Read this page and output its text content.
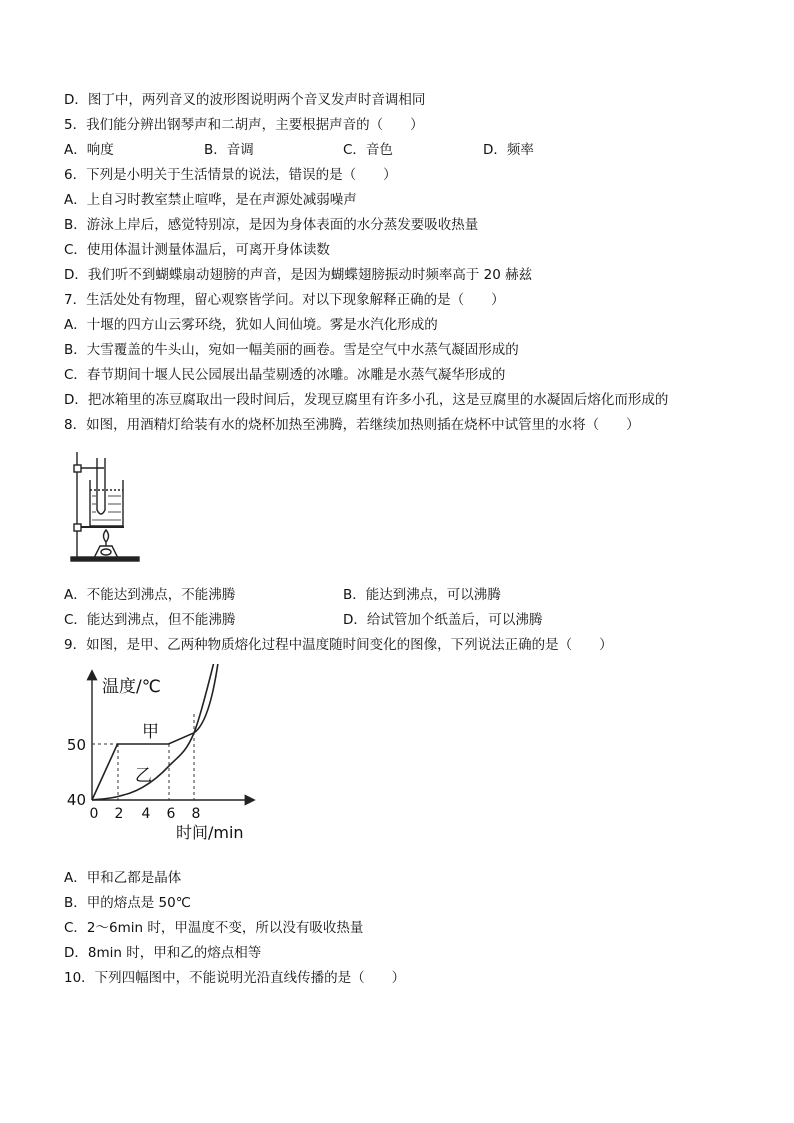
D．图丁中，两列音叉的波形图说明两个音叉发声时音调相同
5．我们能分辨出钢琴声和二胡声，主要根据声音的（　　）
A．响度	B．音调	C．音色	D．频率
6．下列是小明关于生活情景的说法，错误的是（　　）
A．上自习时教室禁止喧哗，是在声源处减弱噪声
B．游泳上岸后，感觉特别凉，是因为身体表面的水分蒸发要吸收热量
C．使用体温计测量体温后，可离开身体读数
D．我们听不到蝴蝶扇动翅膀的声音，是因为蝴蝶翅膀振动时频率高于 20 赫兹
7．生活处处有物理，留心观察皆学问。对以下现象解释正确的是（　　）
A．十堰的四方山云雾环绕，犹如人间仙境。雾是水汽化形成的
B．大雪覆盖的牛头山，宛如一幅美丽的画卷。雪是空气中水蒸气凝固形成的
C．春节期间十堰人民公园展出晶莹剔透的冰雕。冰雕是水蒸气凝华形成的
D．把冰箱里的冻豆腐取出一段时间后，发现豆腐里有许多小孔，这是豆腐里的水凝固后熔化而形成的
8．如图，用酒精灯给装有水的烧杯加热至沸腾，若继续加热则插在烧杯中试管里的水将（　　）
A．不能达到沸点，不能沸腾	B．能达到沸点，可以沸腾
C．能达到沸点，但不能沸腾	D．给试管加个纸盖后，可以沸腾
9．如图，是甲、乙两种物质熔化过程中温度随时间变化的图像，下列说法正确的是（　　）
温度/℃
时间/min
50
40
0 2 4 6 8
甲
乙
A．甲和乙都是晶体
B．甲的熔点是 50℃
C．2～6min 时，甲温度不变，所以没有吸收热量
D．8min 时，甲和乙的熔点相等
10．下列四幅图中，不能说明光沿直线传播的是（　　）
